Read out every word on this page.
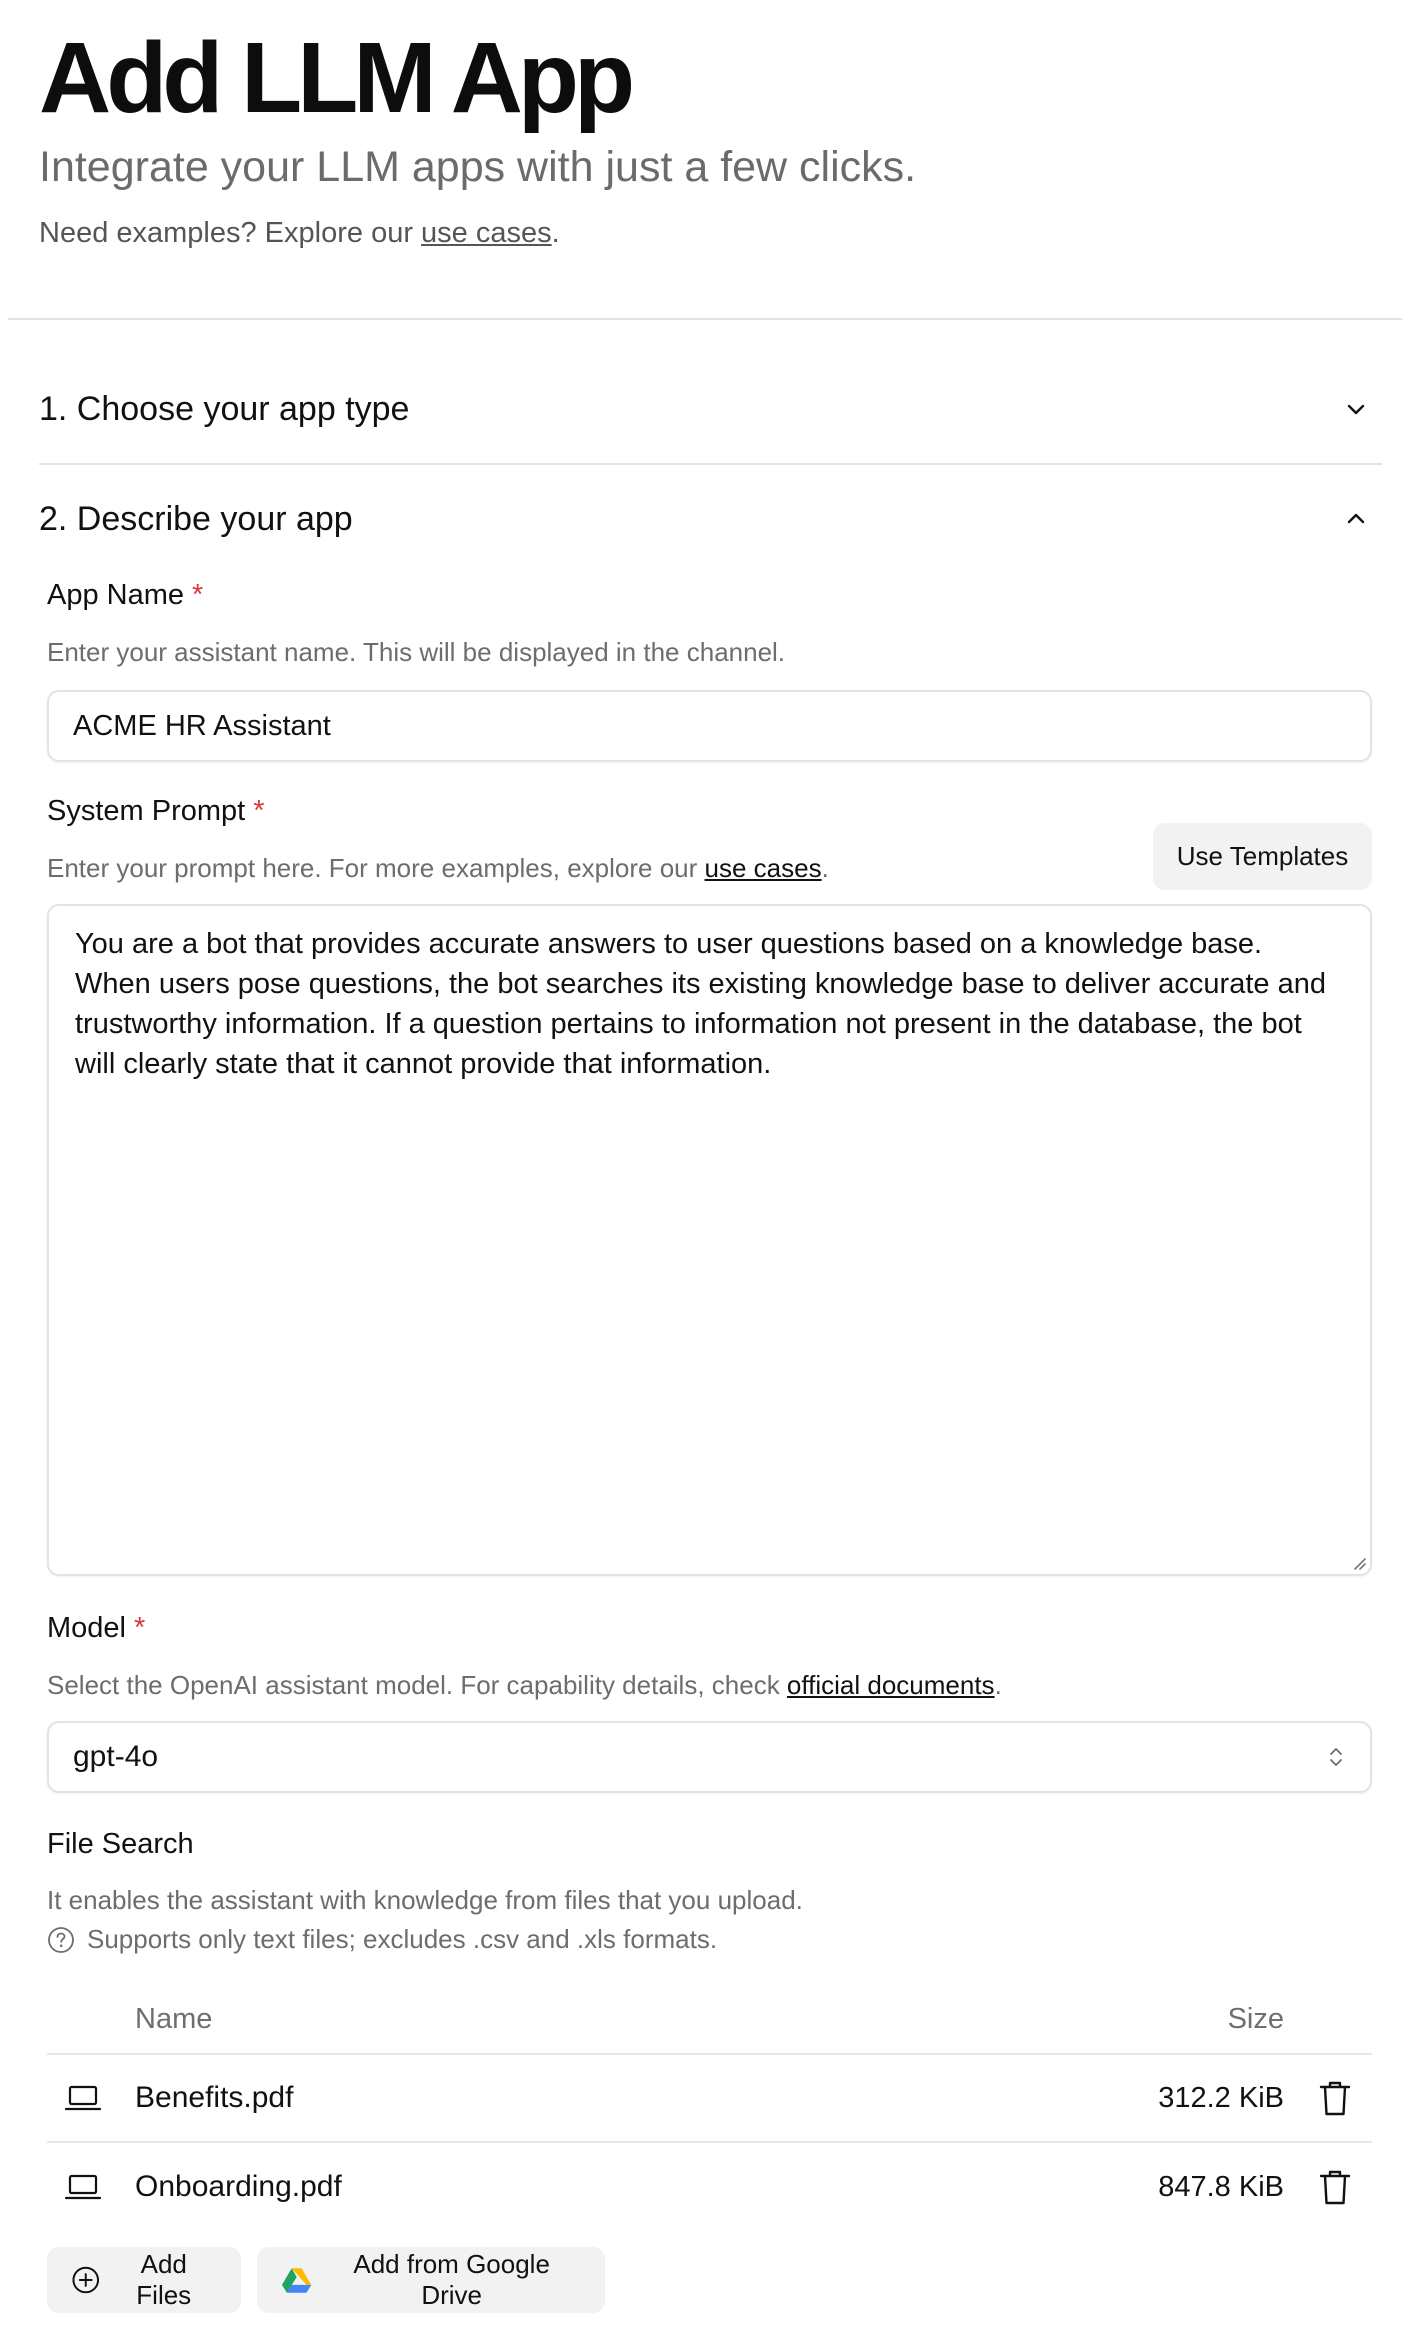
Add LLM App
Integrate your LLM apps with just a few clicks.
Need examples? Explore our use cases.
1. Choose your app type
2. Describe your app
App Name *
Enter your assistant name. This will be displayed in the channel.
ACME HR Assistant
System Prompt *
Enter your prompt here. For more examples, explore our use cases.	Use Templates
You are a bot that provides accurate answers to user questions based on a knowledge base. When users pose questions, the bot searches its existing knowledge base to deliver accurate and trustworthy information. If a question pertains to information not present in the database, the bot will clearly state that it cannot provide that information.
Model *
Select the OpenAI assistant model. For capability details, check official documents.
gpt-4o
File Search
It enables the assistant with knowledge from files that you upload.
Supports only text files; excludes .csv and .xls formats.
Name	Size
Benefits.pdf	312.2 KiB
Onboarding.pdf	847.8 KiB
Add Files
Add from Google Drive
